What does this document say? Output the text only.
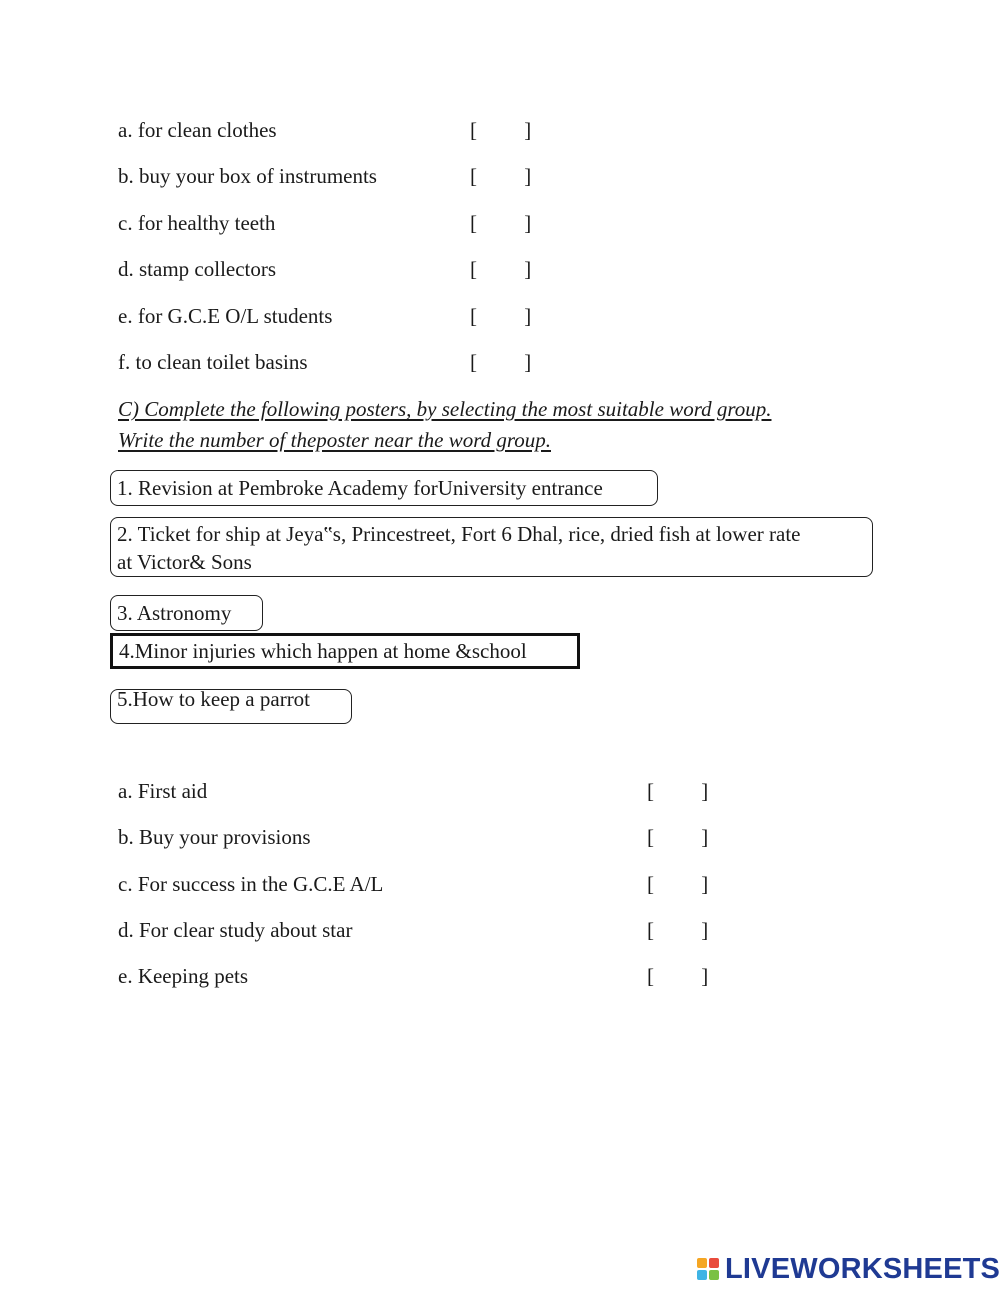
a. for clean clothes	[         ]
b. buy your box of instruments	[         ]
c. for healthy teeth	[         ]
d. stamp collectors	[         ]
e. for G.C.E O/L students	[         ]
f. to clean toilet basins	[         ]
C) Complete the following posters, by selecting the most suitable word group.
Write the number of theposter near the word group.
1. Revision at Pembroke Academy forUniversity entrance
2. Ticket for ship at Jeya‟s, Princestreet, Fort 6 Dhal, rice, dried fish at lower rate
at Victor& Sons
3. Astronomy
4.Minor injuries which happen at home &school
5.How to keep a parrot
a. First aid	[         ]
b. Buy your provisions	[         ]
c. For success in the G.C.E A/L	[         ]
d. For clear study about star	[         ]
e. Keeping pets	[         ]
LIVEWORKSHEETS
